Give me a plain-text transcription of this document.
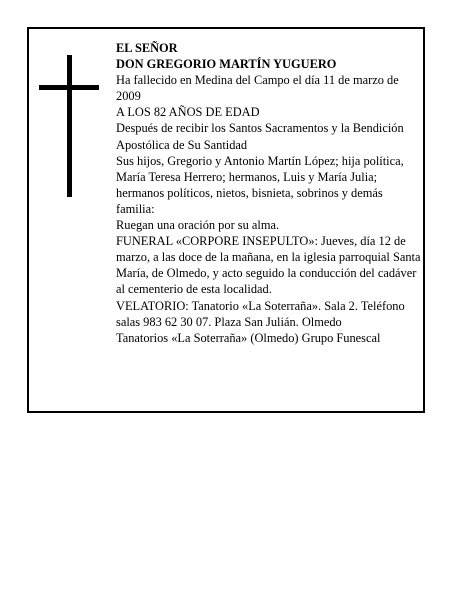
EL SEÑOR

DON GREGORIO MARTÍN YUGUERO

Ha fallecido en Medina del Campo el día 11 de marzo de 2009

A LOS 82 AÑOS DE EDAD

Después de recibir los Santos Sacramentos y la Bendición Apostólica de Su Santidad

Sus hijos, Gregorio y Antonio Martín López; hija política, María Teresa Herrero; hermanos, Luis y María Julia; hermanos políticos, nietos, bisnieta, sobrinos y demás familia:

Ruegan una oración por su alma.

FUNERAL «CORPORE INSEPULTO»: Jueves, día 12 de marzo, a las doce de la mañana, en la iglesia parroquial Santa María, de Olmedo, y acto seguido la conducción del cadáver al cementerio de esta localidad.

VELATORIO: Tanatorio «La Soterraña». Sala 2. Teléfono salas 983 62 30 07. Plaza San Julián. Olmedo

Tanatorios «La Soterraña» (Olmedo) Grupo Funescal
